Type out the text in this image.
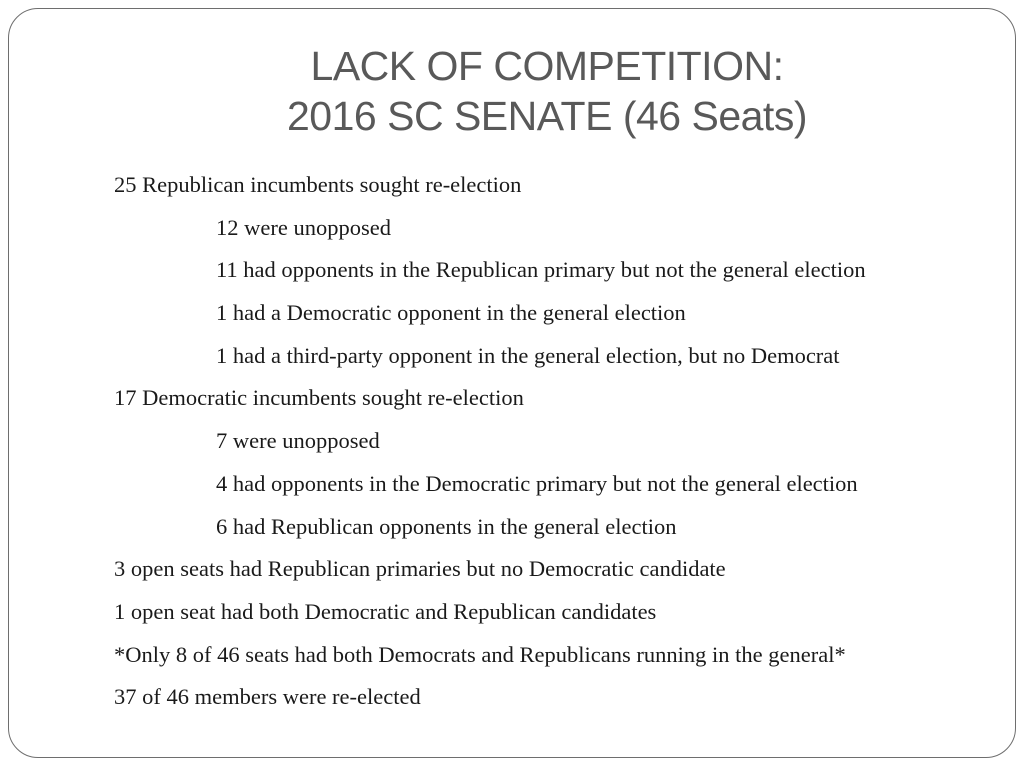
LACK OF COMPETITION:
2016 SC SENATE (46 Seats)
25 Republican incumbents sought re-election
12 were unopposed
11 had opponents in the Republican primary but not the general election
1 had a Democratic opponent in the general election
1 had a third-party opponent in the general election, but no Democrat
17 Democratic incumbents sought re-election
7 were unopposed
4 had opponents in the Democratic primary but not the general election
6 had Republican opponents in the general election
3 open seats had Republican primaries but no Democratic candidate
1 open seat had both Democratic and Republican candidates
*Only 8 of 46 seats had both Democrats and Republicans running in the general*
37 of 46 members were re-elected
